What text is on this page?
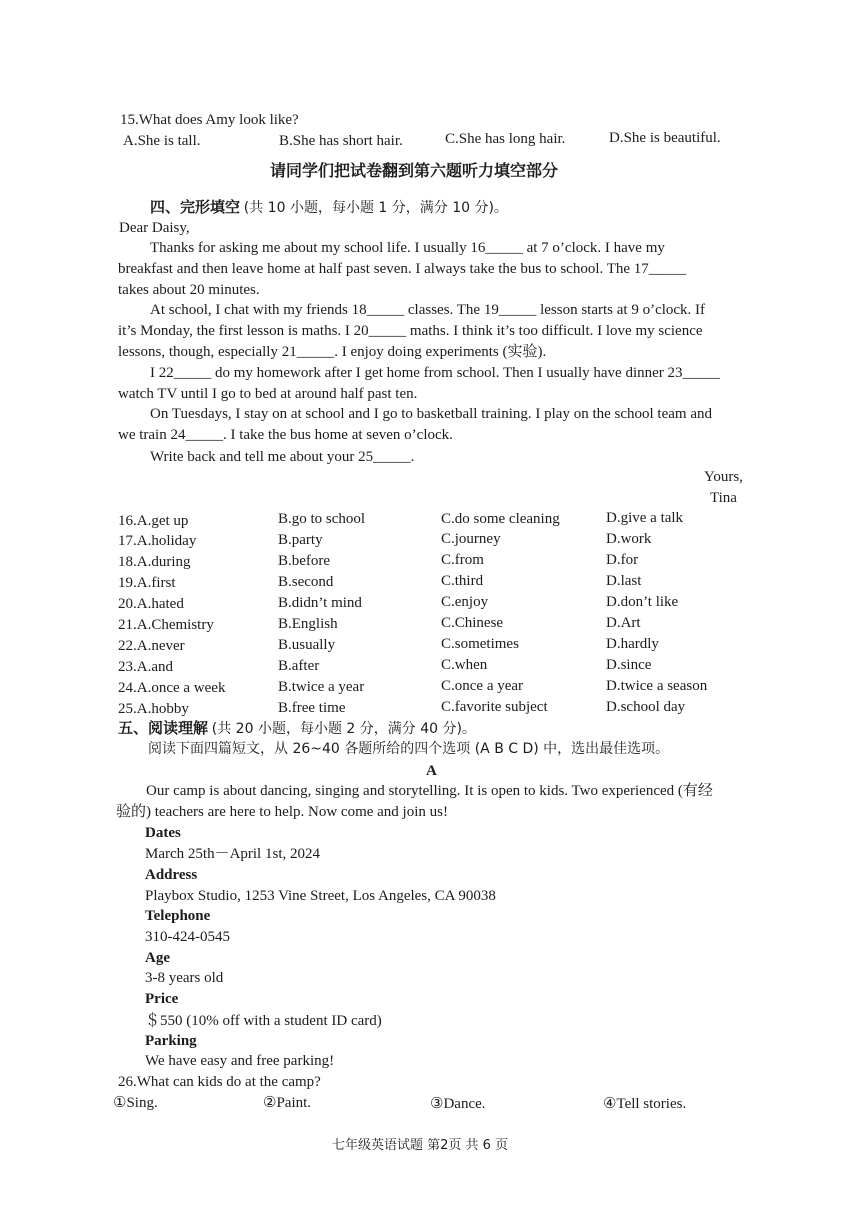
15.What does Amy look like?
A.She is tall.	B.She has short hair.	C.She has long hair.	D.She is beautiful.
请同学们把试卷翻到第六题听力填空部分
四、完形填空 (共 10 小题，每小题 1 分，满分 10 分)。
Dear Daisy,
Thanks for asking me about my school life. I usually 16_____ at 7 o’clock. I have my
breakfast and then leave home at half past seven. I always take the bus to school. The 17_____
takes about 20 minutes.
At school, I chat with my friends 18_____ classes. The 19_____ lesson starts at 9 o’clock. If
it’s Monday, the first lesson is maths. I 20_____ maths. I think it’s too difficult. I love my science
lessons, though, especially 21_____. I enjoy doing experiments (实验).
I 22_____ do my homework after I get home from school. Then I usually have dinner 23_____
watch TV until I go to bed at around half past ten.
On Tuesdays, I stay on at school and I go to basketball training. I play on the school team and
we train 24_____. I take the bus home at seven o’clock.
Write back and tell me about your 25_____.
Yours,
Tina
16.A.get up	B.go to school	C.do some cleaning	D.give a talk
17.A.holiday	B.party	C.journey	D.work
18.A.during	B.before	C.from	D.for
19.A.first	B.second	C.third	D.last
20.A.hated	B.didn’t mind	C.enjoy	D.don’t like
21.A.Chemistry	B.English	C.Chinese	D.Art
22.A.never	B.usually	C.sometimes	D.hardly
23.A.and	B.after	C.when	D.since
24.A.once a week	B.twice a year	C.once a year	D.twice a season
25.A.hobby	B.free time	C.favorite subject	D.school day
五、阅读理解 (共 20 小题，每小题 2 分，满分 40 分)。
阅读下面四篇短文，从 26~40 各题所给的四个选项 (A B C D) 中，选出最佳选项。
A
Our camp is about dancing, singing and storytelling. It is open to kids. Two experienced (有经
验的) teachers are here to help. Now come and join us!
Dates
March 25th－April 1st, 2024
Address
Playbox Studio, 1253 Vine Street, Los Angeles, CA 90038
Telephone
310-424-0545
Age
3-8 years old
Price
＄550 (10% off with a student ID card)
Parking
We have easy and free parking!
26.What can kids do at the camp?
①Sing.	②Paint.	③Dance.	④Tell stories.
七年级英语试题 第2页 共 6 页
